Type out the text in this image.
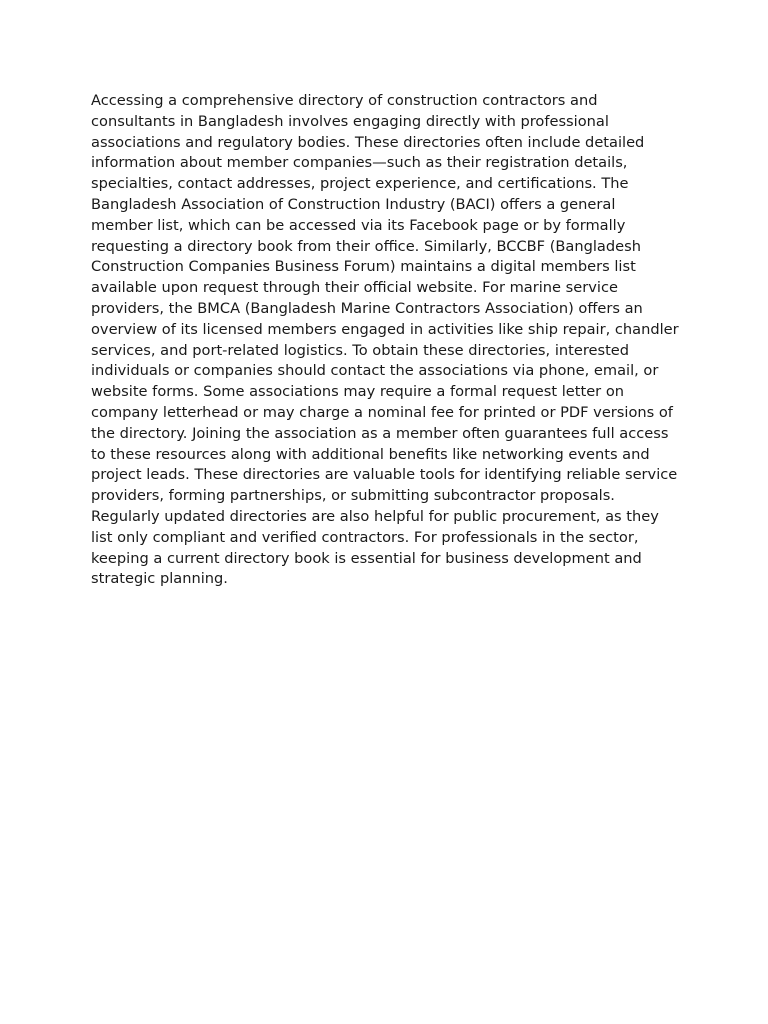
Accessing a comprehensive directory of construction contractors and consultants in Bangladesh involves engaging directly with professional associations and regulatory bodies. These directories often include detailed information about member companies—such as their registration details, specialties, contact addresses, project experience, and certifications. The Bangladesh Association of Construction Industry (BACI) offers a general member list, which can be accessed via its Facebook page or by formally requesting a directory book from their office. Similarly, BCCBF (Bangladesh Construction Companies Business Forum) maintains a digital members list available upon request through their official website. For marine service providers, the BMCA (Bangladesh Marine Contractors Association) offers an overview of its licensed members engaged in activities like ship repair, chandler services, and port-related logistics. To obtain these directories, interested individuals or companies should contact the associations via phone, email, or website forms. Some associations may require a formal request letter on company letterhead or may charge a nominal fee for printed or PDF versions of the directory. Joining the association as a member often guarantees full access to these resources along with additional benefits like networking events and project leads. These directories are valuable tools for identifying reliable service providers, forming partnerships, or submitting subcontractor proposals. Regularly updated directories are also helpful for public procurement, as they list only compliant and verified contractors. For professionals in the sector, keeping a current directory book is essential for business development and strategic planning.
